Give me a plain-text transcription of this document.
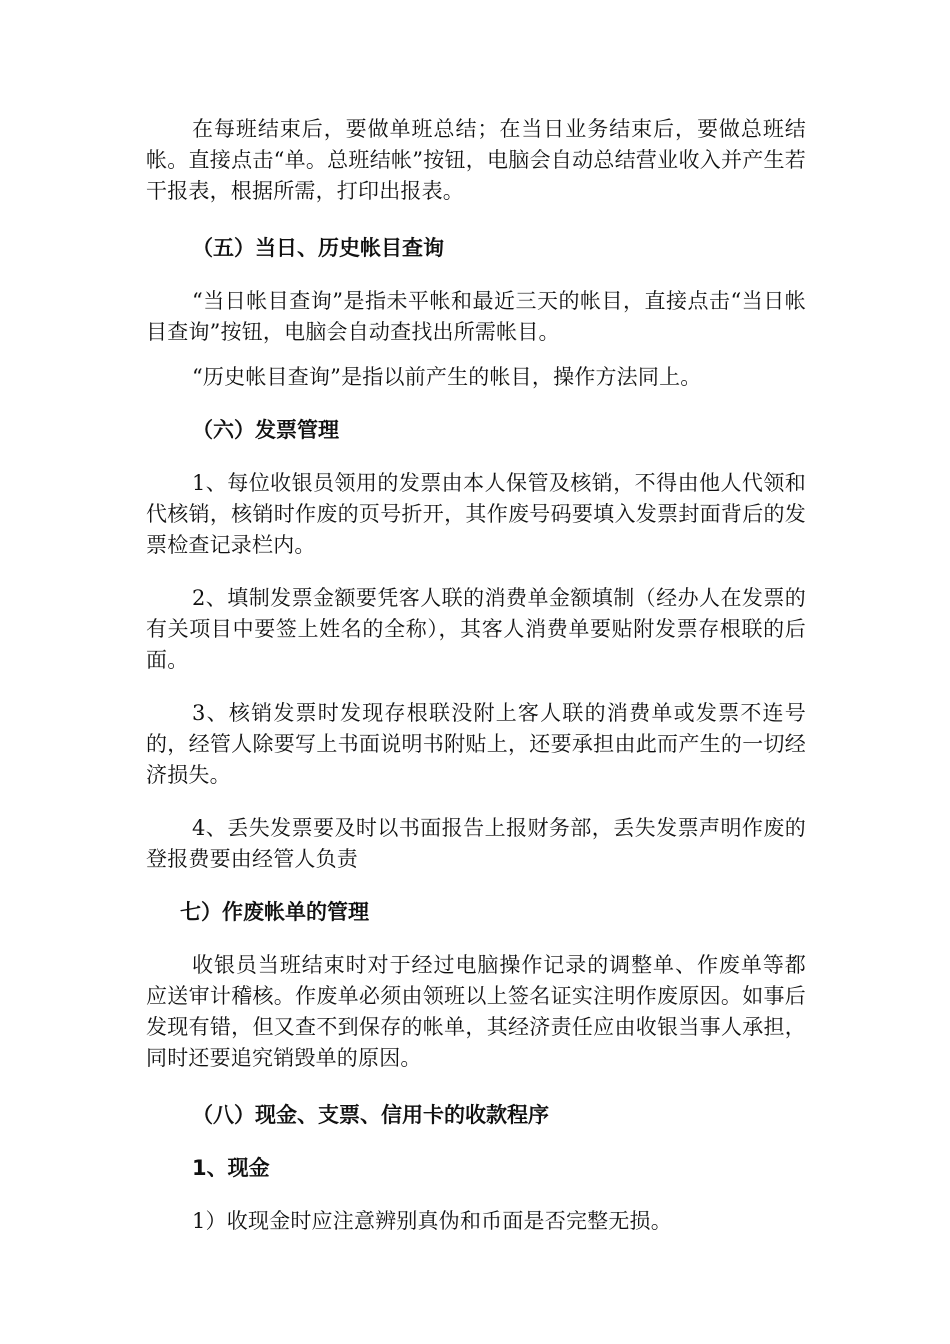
在每班结束后，要做单班总结；在当日业务结束后，要做总班结帐。直接点击“单。总班结帐”按钮，电脑会自动总结营业收入并产生若干报表，根据所需，打印出报表。

（五）当日、历史帐目查询

“当日帐目查询”是指未平帐和最近三天的帐目，直接点击“当日帐目查询”按钮，电脑会自动查找出所需帐目。

“历史帐目查询”是指以前产生的帐目，操作方法同上。

（六）发票管理

1、每位收银员领用的发票由本人保管及核销，不得由他人代领和代核销，核销时作废的页号折开，其作废号码要填入发票封面背后的发票检查记录栏内。

2、填制发票金额要凭客人联的消费单金额填制（经办人在发票的有关项目中要签上姓名的全称），其客人消费单要贴附发票存根联的后面。

3、核销发票时发现存根联没附上客人联的消费单或发票不连号的，经管人除要写上书面说明书附贴上，还要承担由此而产生的一切经济损失。

4、丢失发票要及时以书面报告上报财务部，丢失发票声明作废的登报费要由经管人负责

七）作废帐单的管理

收银员当班结束时对于经过电脑操作记录的调整单、作废单等都应送审计稽核。作废单必须由领班以上签名证实注明作废原因。如事后发现有错，但又查不到保存的帐单，其经济责任应由收银当事人承担，同时还要追究销毁单的原因。

（八）现金、支票、信用卡的收款程序

1、现金

1）收现金时应注意辨别真伪和币面是否完整无损。
